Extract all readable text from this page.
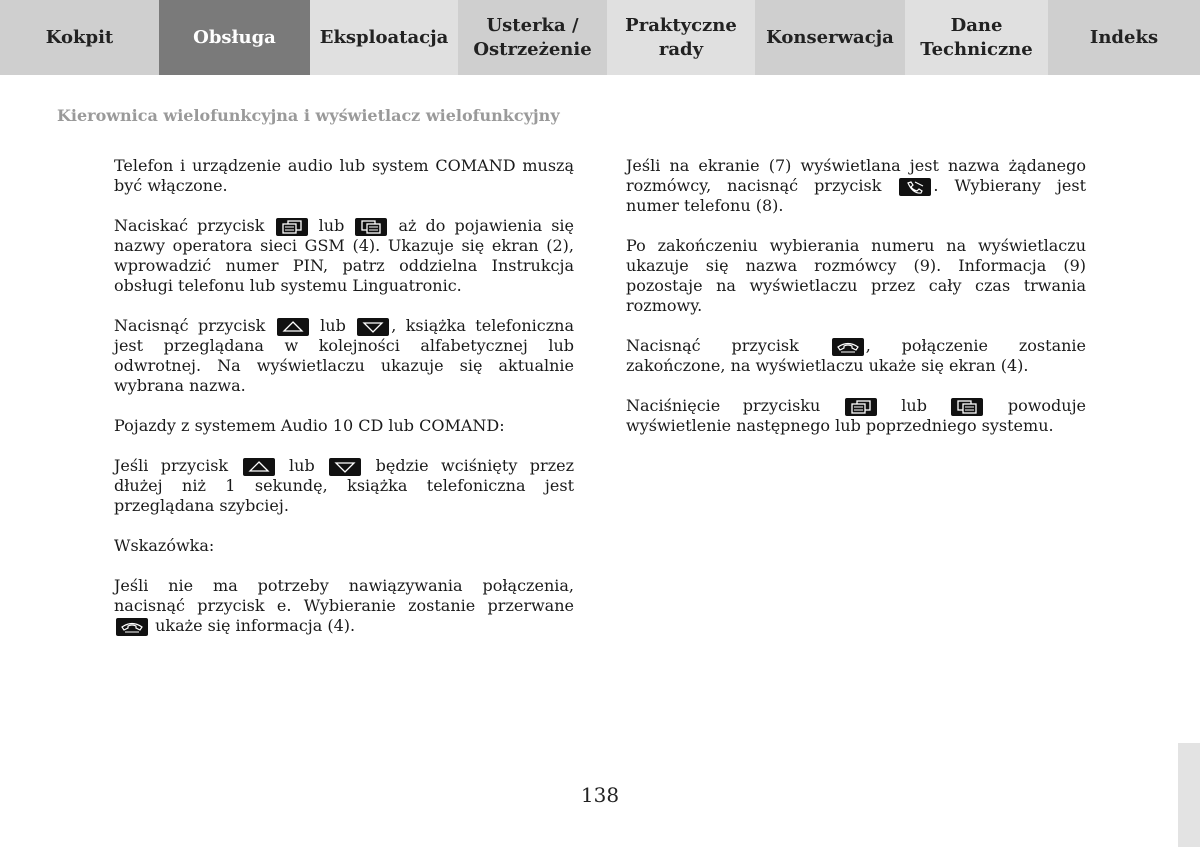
Kokpit	Obsługa Eksploatacja
Usterka /
Ostrzeżenie
Praktyczne
rady
Konserwacja
Dane
Techniczne
Indeks
Kierownica wielofunkcyjna i wyświetlacz wielofunkcyjny

Telefon i urządzenie audio lub system COMAND muszą być włączone.

Naciskać przycisk	lub	aż do pojawienia się nazwy operatora sieci GSM (4). Ukazuje się ekran (2), wprowadzić numer PIN, patrz oddzielna Instrukcja obsługi telefonu lub systemu Linguatronic.

Nacisnąć przycisk	lub	, książka telefoniczna jest przeglądana w kolejności alfabetycznej lub odwrotnej. Na wyświetlaczu ukazuje się aktualnie wybrana nazwa.

Pojazdy z systemem Audio 10 CD lub COMAND:

Jeśli przycisk	lub	będzie wciśnięty przez dłużej niż 1 sekundę, książka telefoniczna jest przeglądana szybciej.

Wskazówka:

Jeśli nie ma potrzeby nawiązywania połączenia, nacisnąć przycisk e. Wybieranie zostanie przerwane
ukaże się informacja (4).

Jeśli na ekranie (7) wyświetlana jest nazwa żądanego rozmówcy, nacisnąć przycisk	. Wybierany jest numer telefonu (8).

Po zakończeniu wybierania numeru na wyświetlaczu ukazuje się nazwa rozmówcy (9). Informacja (9) pozostaje na wyświetlaczu przez cały czas trwania rozmowy.

Nacisnąć przycisk	, połączenie zostanie zakończone, na wyświetlaczu ukaże się ekran (4).

Naciśnięcie przycisku	lub	powoduje wyświetlenie następnego lub poprzedniego systemu.

138
